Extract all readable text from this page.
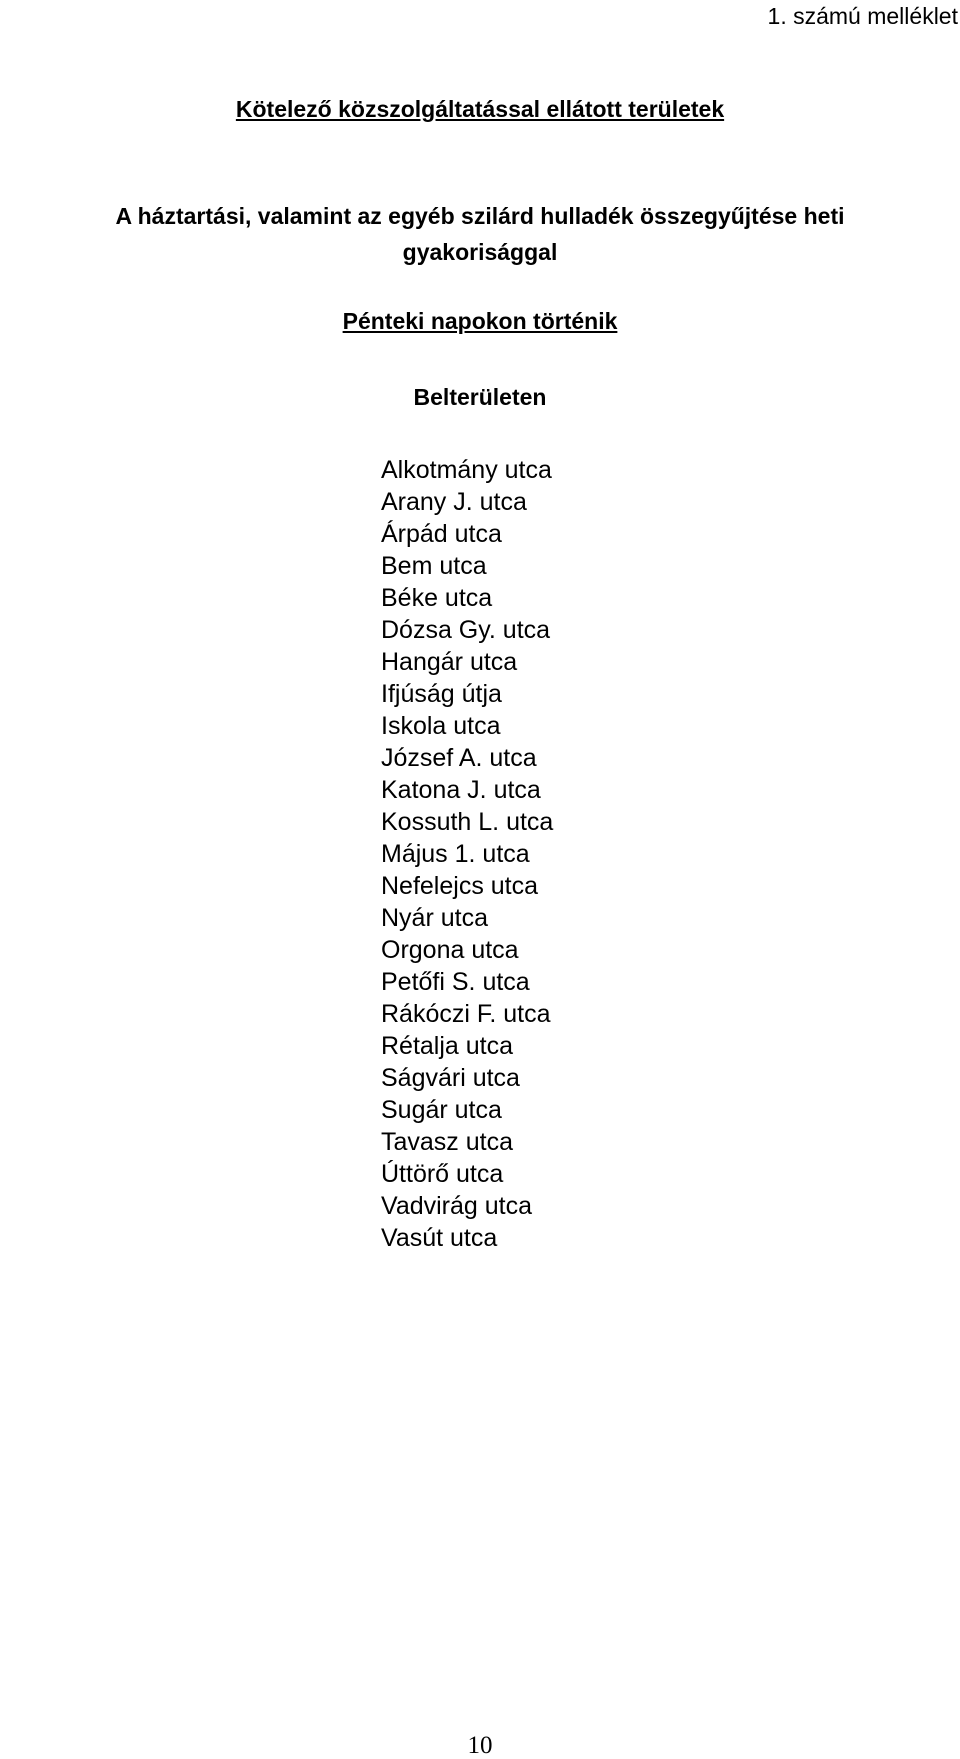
1. számú melléklet
Kötelező közszolgáltatással ellátott területek
A háztartási, valamint az egyéb szilárd hulladék összegyűjtése heti
gyakorisággal
Pénteki napokon történik
Belterületen
Alkotmány utca
Arany J. utca
Árpád utca
Bem utca
Béke utca
Dózsa Gy. utca
Hangár utca
Ifjúság útja
Iskola utca
József A. utca
Katona J. utca
Kossuth L. utca
Május 1. utca
Nefelejcs utca
Nyár utca
Orgona utca
Petőfi S. utca
Rákóczi F. utca
Rétalja utca
Ságvári utca
Sugár utca
Tavasz utca
Úttörő utca
Vadvirág utca
Vasút utca
10
